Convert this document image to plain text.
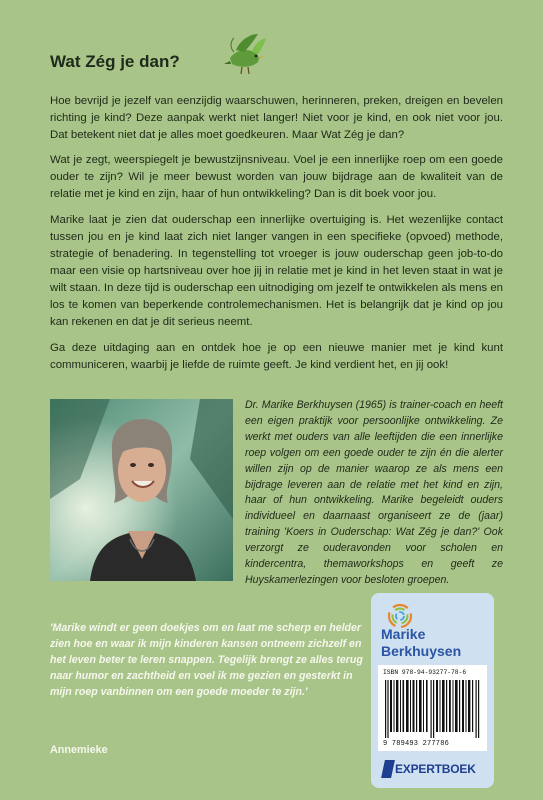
Wat Zég je dan?

Hoe bevrijd je jezelf van eenzijdig waarschuwen, herinneren, preken, dreigen en bevelen richting je kind? Deze aanpak werkt niet langer! Niet voor je kind, en ook niet voor jou. Dat betekent niet dat je alles moet goedkeuren. Maar Wat Zég je dan?

Wat je zegt, weerspiegelt je bewustzijnsniveau. Voel je een innerlijke roep om een goede ouder te zijn? Wil je meer bewust worden van jouw bijdrage aan de kwaliteit van de relatie met je kind en zijn, haar of hun ontwikkeling? Dan is dit boek voor jou.

Marike laat je zien dat ouderschap een innerlijke overtuiging is. Het wezenlijke contact tussen jou en je kind laat zich niet langer vangen in een specifieke (opvoed) methode, strategie of benadering. In tegenstelling tot vroeger is jouw ouderschap geen job-to-do maar een visie op hartsniveau over hoe jij in relatie met je kind in het leven staat in wat je wilt staan. In deze tijd is ouderschap een uitnodiging om jezelf te ontwikkelen als mens en los te komen van beperkende controlemechanismen. Het is belangrijk dat je kind op jou kan rekenen en dat je dit serieus neemt.

Ga deze uitdaging aan en ontdek hoe je op een nieuwe manier met je kind kunt communiceren, waarbij je liefde de ruimte geeft. Je kind verdient het, en jij ook!

Dr. Marike Berkhuysen (1965) is trainer-coach en heeft een eigen praktijk voor persoonlijke ontwikkeling. Ze werkt met ouders van alle leeftijden die een innerlijke roep volgen om een goede ouder te zijn én die alerter willen zijn op de manier waarop ze als mens een bijdrage leveren aan de relatie met het kind en zijn, haar of hun ontwikkeling. Marike begeleidt ouders individueel en daarnaast organiseert ze de (jaar) training 'Koers in Ouderschap: Wat Zég je dan?' Ook verzorgt ze ouderavonden voor scholen en kindercentra, themaworkshops en geeft ze Huyskamerlezingen voor besloten groepen.

'Marike windt er geen doekjes om en laat me scherp en helder zien hoe en waar ik mijn kinderen kansen ontneem zichzelf en het leven beter te leren snappen. Tegelijk brengt ze alles terug naar humor en zachtheid en voel ik me gezien en gesterkt in mijn roep vanbinnen om een goede moeder te zijn.'

Annemieke
Marike
Berkhuysen
ISBN 978-94-93277-78-6
9 789493 277786
EXPERTBOEK
